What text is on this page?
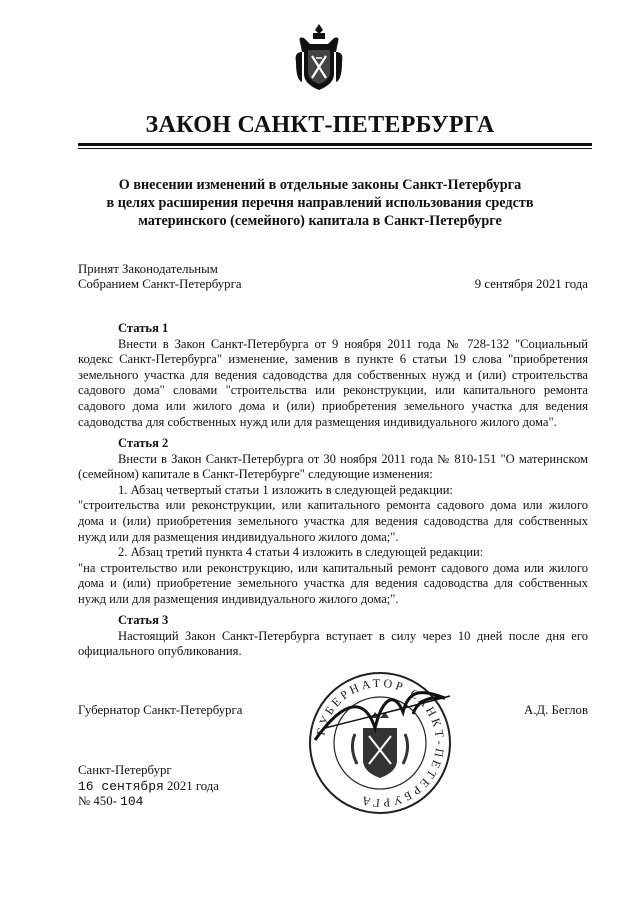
ЗАКОН САНКТ-ПЕТЕРБУРГА
О внесении изменений в отдельные законы Санкт-Петербурга
в целях расширения перечня направлений использования средств
материнского (семейного) капитала в Санкт-Петербурге
Принят Законодательным
Собранием Санкт-Петербурга	9 сентября 2021 года
Статья 1

Внести в Закон Санкт-Петербурга от 9 ноября 2011 года № 728-132 "Социальный кодекс Санкт-Петербурга" изменение, заменив в пункте 6 статьи 19 слова "приобретения земельного участка для ведения садоводства для собственных нужд и (или) строительства садового дома" словами "строительства или реконструкции, или капитального ремонта садового дома или жилого дома и (или) приобретения земельного участка для ведения садоводства для собственных нужд или для размещения индивидуального жилого дома".

Статья 2

Внести в Закон Санкт-Петербурга от 30 ноября 2011 года № 810-151 "О материнском (семейном) капитале в Санкт-Петербурге" следующие изменения:

1. Абзац четвертый статьи 1 изложить в следующей редакции:

"строительства или реконструкции, или капитального ремонта садового дома или жилого дома и (или) приобретения земельного участка для ведения садоводства для собственных нужд или для размещения индивидуального жилого дома;".

2. Абзац третий пункта 4 статьи 4 изложить в следующей редакции:

"на строительство или реконструкцию, или капитальный ремонт садового дома или жилого дома и (или) приобретение земельного участка для ведения садоводства для собственных нужд или для размещения индивидуального жилого дома;".

Статья 3

Настоящий Закон Санкт-Петербурга вступает в силу через 10 дней после дня его официального опубликования.

Губернатор Санкт-Петербурга	А.Д. Беглов
ГУБЕРНАТОР САНКТ-ПЕТЕРБУРГА
Санкт-Петербург
16 сентября 2021 года
№ 450- 104
